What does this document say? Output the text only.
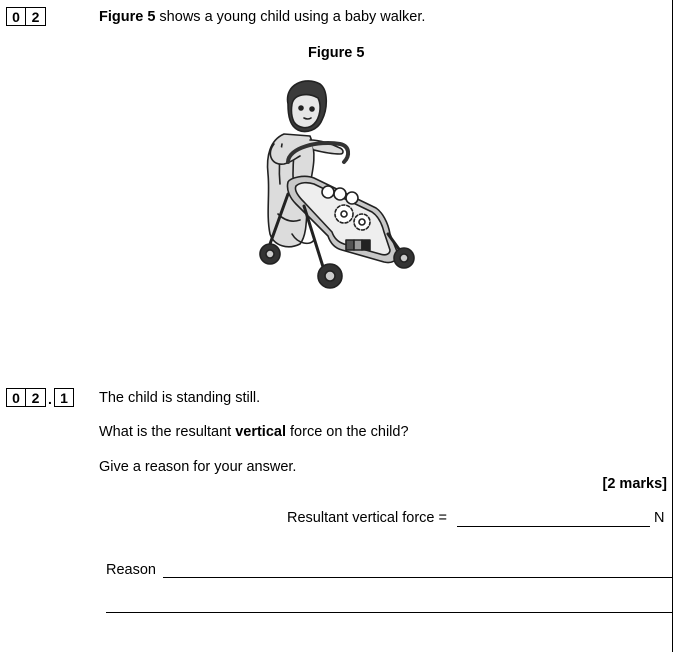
0 2	Figure 5 shows a young child using a baby walker.
Figure 5
0 2 . 1	The child is standing still.
What is the resultant vertical force on the child?
Give a reason for your answer.
[2 marks]
Resultant vertical force =	N
Reason
